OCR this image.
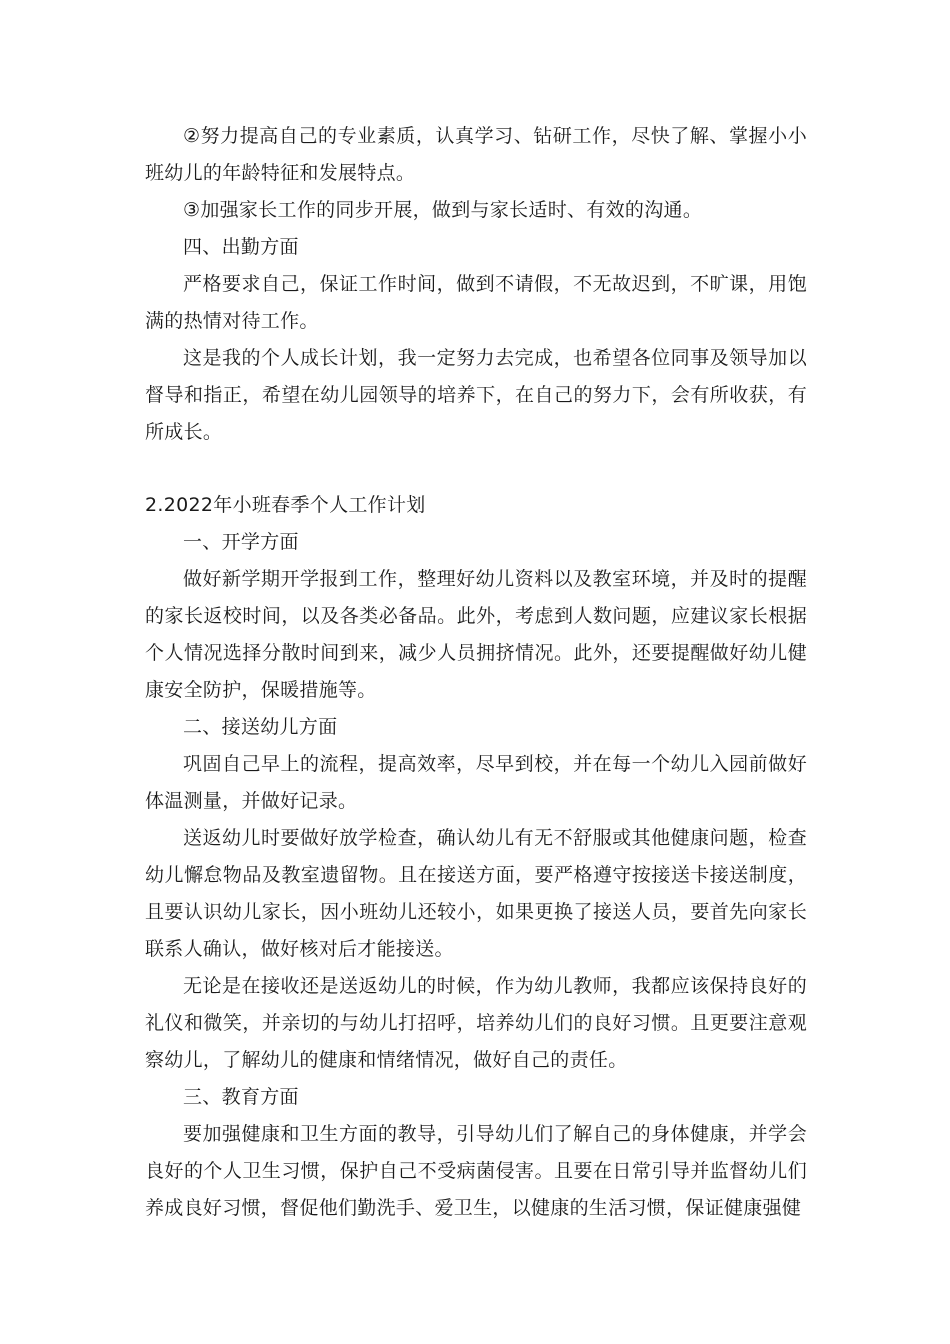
②努力提高自己的专业素质，认真学习、钻研工作，尽快了解、掌握小小班幼儿的年龄特征和发展特点。

③加强家长工作的同步开展，做到与家长适时、有效的沟通。

四、出勤方面

严格要求自己，保证工作时间，做到不请假，不无故迟到，不旷课，用饱满的热情对待工作。

这是我的个人成长计划，我一定努力去完成，也希望各位同事及领导加以督导和指正，希望在幼儿园领导的培养下，在自己的努力下，会有所收获，有所成长。

2.2022年小班春季个人工作计划

一、开学方面

做好新学期开学报到工作，整理好幼儿资料以及教室环境，并及时的提醒的家长返校时间，以及各类必备品。此外，考虑到人数问题，应建议家长根据个人情况选择分散时间到来，减少人员拥挤情况。此外，还要提醒做好幼儿健康安全防护，保暖措施等。

二、接送幼儿方面

巩固自己早上的流程，提高效率，尽早到校，并在每一个幼儿入园前做好体温测量，并做好记录。

送返幼儿时要做好放学检查，确认幼儿有无不舒服或其他健康问题，检查幼儿懈怠物品及教室遗留物。且在接送方面，要严格遵守按接送卡接送制度，且要认识幼儿家长，因小班幼儿还较小，如果更换了接送人员，要首先向家长联系人确认，做好核对后才能接送。

无论是在接收还是送返幼儿的时候，作为幼儿教师，我都应该保持良好的礼仪和微笑，并亲切的与幼儿打招呼，培养幼儿们的良好习惯。且更要注意观察幼儿，了解幼儿的健康和情绪情况，做好自己的责任。

三、教育方面

要加强健康和卫生方面的教导，引导幼儿们了解自己的身体健康，并学会良好的个人卫生习惯，保护自己不受病菌侵害。且要在日常引导并监督幼儿们养成良好习惯，督促他们勤洗手、爱卫生，以健康的生活习惯，保证健康强健
